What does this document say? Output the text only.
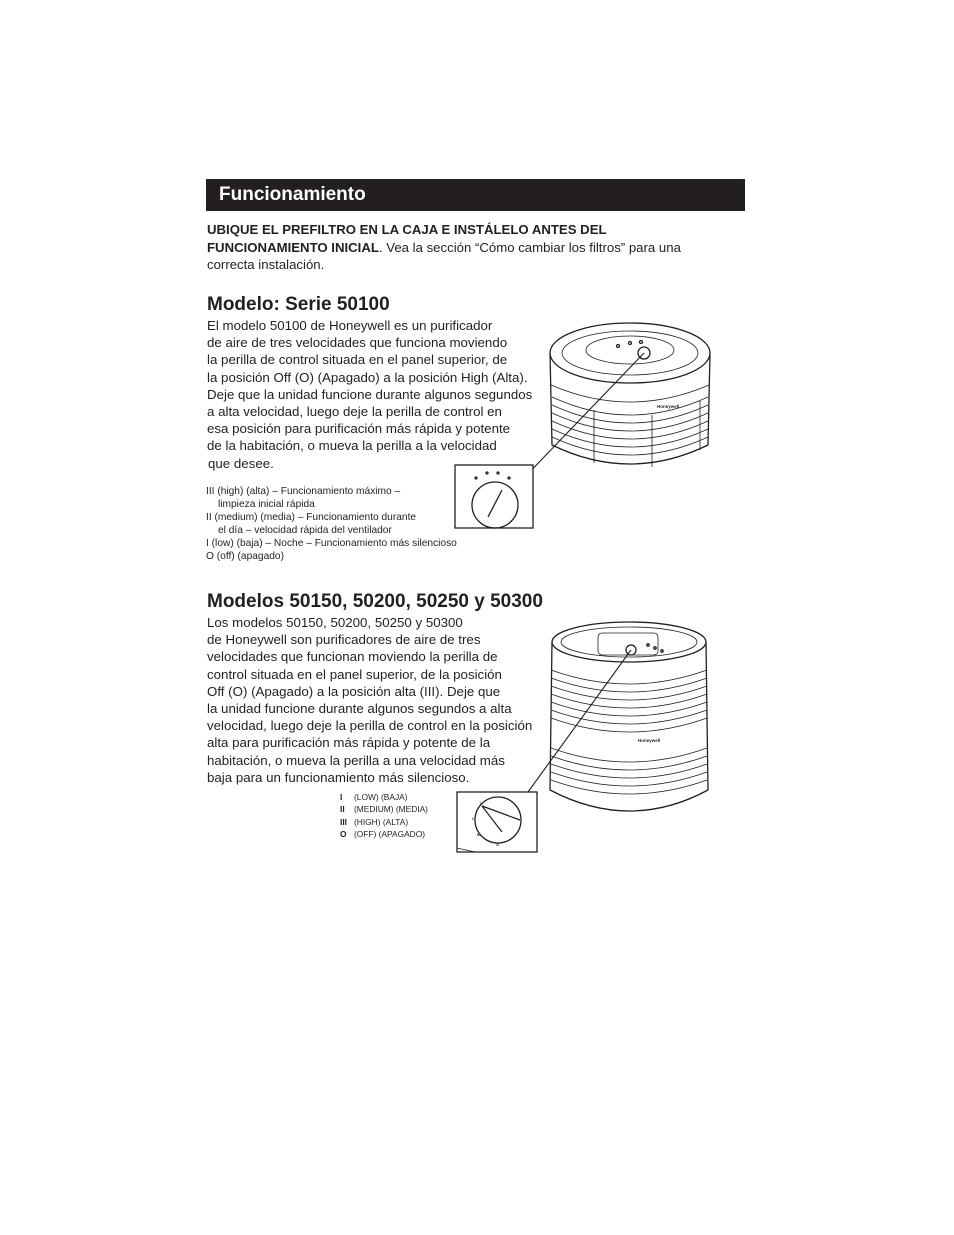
Funcionamiento
UBIQUE EL PREFILTRO EN LA CAJA E INSTÁLELO ANTES DEL
FUNCIONAMIENTO INICIAL. Vea la sección “Cómo cambiar los filtros” para una
correcta instalación.
Modelo: Serie 50100
El modelo 50100 de Honeywell es un purificador
de aire de tres velocidades que funciona moviendo
la perilla de control situada en el panel superior, de
la posición Off (O) (Apagado) a la posición High (Alta).
Deje que la unidad funcione durante algunos segundos
a alta velocidad, luego deje la perilla de control en
esa posición para purificación más rápida y potente
de la habitación, o mueva la perilla a la velocidad
que desee.
III (high) (alta) – Funcionamiento máximo –
limpieza inicial rápida
II (medium) (media) – Funcionamiento durante
el día – velocidad rápida del ventilador
I (low) (baja) – Noche – Funcionamiento más silencioso
O (off) (apagado)
Honeywell
Modelos 50150, 50200, 50250 y 50300
Los modelos 50150, 50200, 50250 y 50300
de Honeywell son purificadores de aire de tres
velocidades que funcionan moviendo la perilla de
control situada en el panel superior, de la posición
Off (O) (Apagado) a la posición alta (III). Deje que
la unidad funcione durante algunos segundos a alta
velocidad, luego deje la perilla de control en la posición
alta para purificación más rápida y potente de la
habitación, o mueva la perilla a una velocidad más
baja para un funcionamiento más silencioso.
I (LOW) (BAJA)
II (MEDIUM) (MEDIA)
III (HIGH) (ALTA)
O (OFF) (APAGADO)
I
II
III
O
Honeywell
